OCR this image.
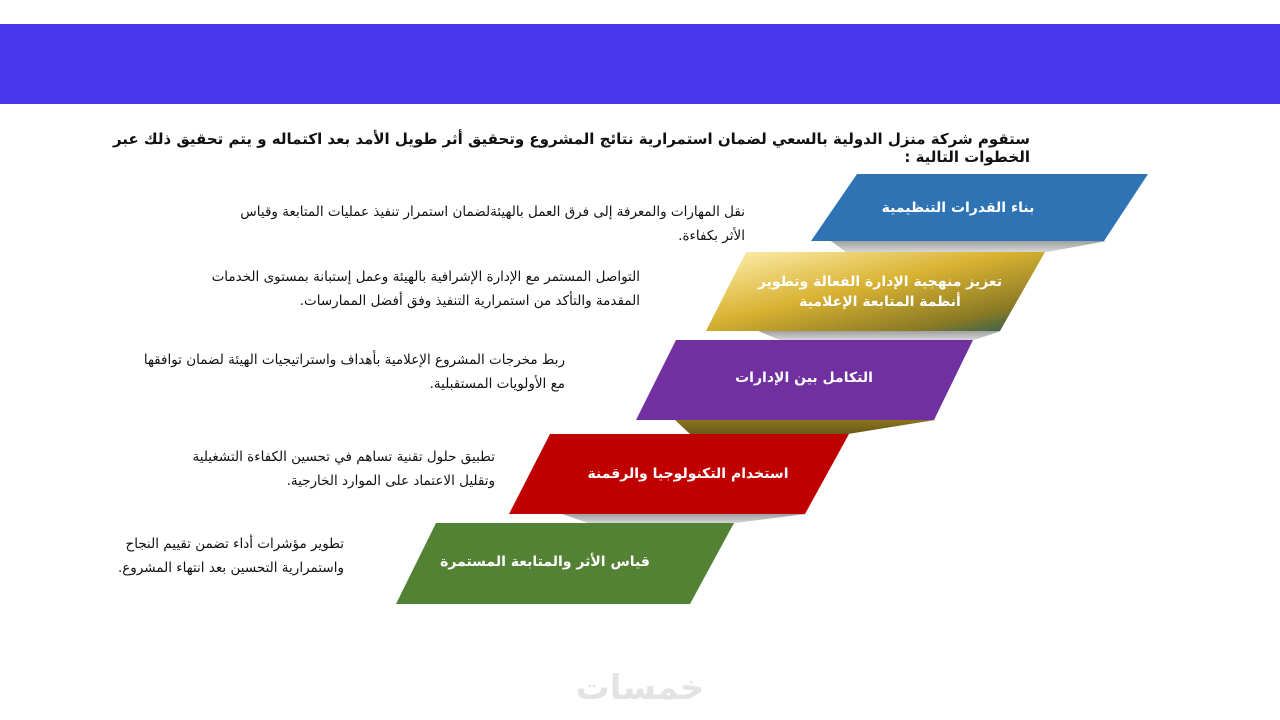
ستقوم شركة منزل الدولية بالسعي لضمان استمرارية نتائج المشروع وتحقيق أثر طويل الأمد بعد اكتماله و يتم تحقيق ذلك عبر الخطوات التالية :
بناء القدرات التنظيمية
تعزيز منهجية الإدارة الفعالة وتطوير أنظمة المتابعة الإعلامية
التكامل بين الإدارات
استخدام التكنولوجيا والرقمنة
قياس الأثر والمتابعة المستمرة
نقل المهارات والمعرفة إلى فرق العمل بالهيئةلضمان استمرار تنفيذ عمليات المتابعة وقياس الأثر بكفاءة.
التواصل المستمر مع الإدارة الإشرافية بالهيئة وعمل إستبانة بمستوى الخدمات المقدمة والتأكد من استمرارية التنفيذ وفق أفضل الممارسات.
ربط مخرجات المشروع الإعلامية بأهداف واستراتيجيات الهيئة لضمان توافقها مع الأولويات المستقبلية.
تطبيق حلول تقنية تساهم في تحسين الكفاءة التشغيلية وتقليل الاعتماد على الموارد الخارجية.
تطوير مؤشرات أداء تضمن تقييم النجاح واستمرارية التحسين بعد انتهاء المشروع.
خمسات
